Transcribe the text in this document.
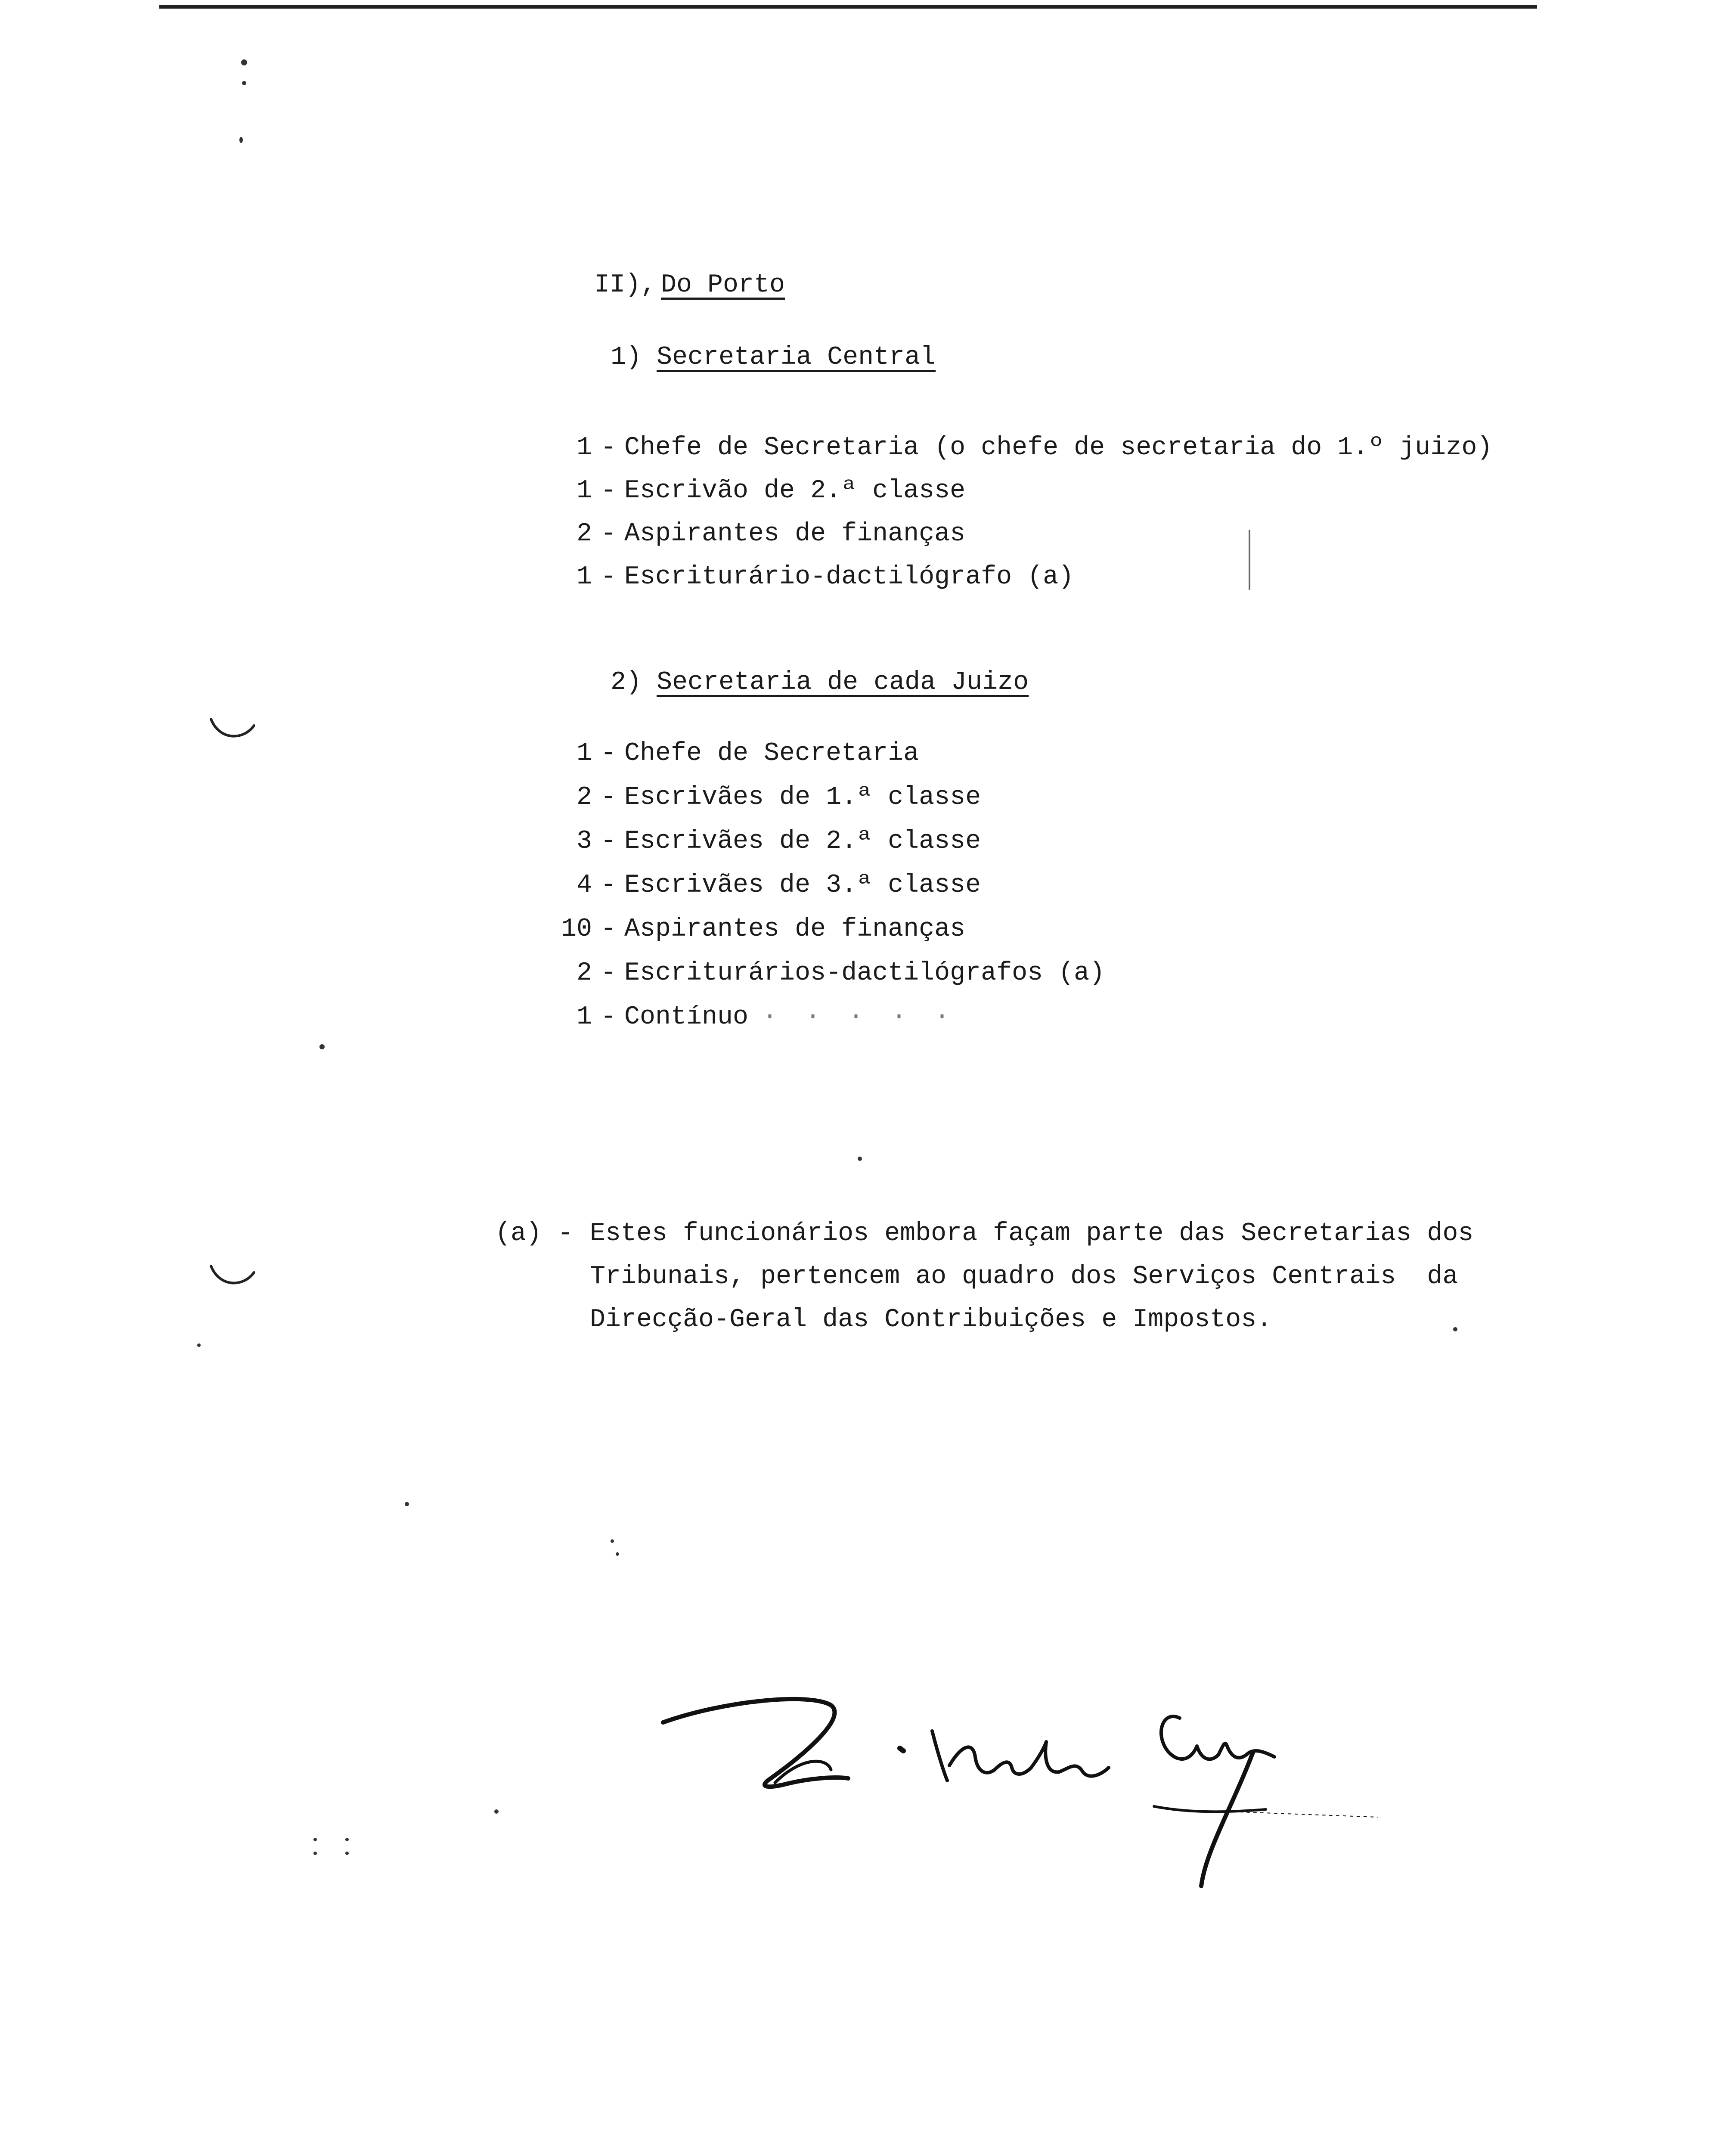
II), Do Porto
1) Secretaria Central
1 - Chefe de Secretaria (o chefe de secretaria do 1.º juizo)
1 - Escrivão de 2.ª classe
2 - Aspirantes de finanças
1 - Escriturário-dactilógrafo (a)
2) Secretaria de cada Juizo
1 - Chefe de Secretaria
2 - Escrivães de 1.ª classe
3 - Escrivães de 2.ª classe
4 - Escrivães de 3.ª classe
10 - Aspirantes de finanças
2 - Escriturários-dactilógrafos (a)
1 - Contínuo · · · · ·
(a) - Estes funcionários embora façam parte das Secretarias dos
Tribunais, pertencem ao quadro dos Serviços Centrais  da
Direcção-Geral das Contribuições e Impostos.
